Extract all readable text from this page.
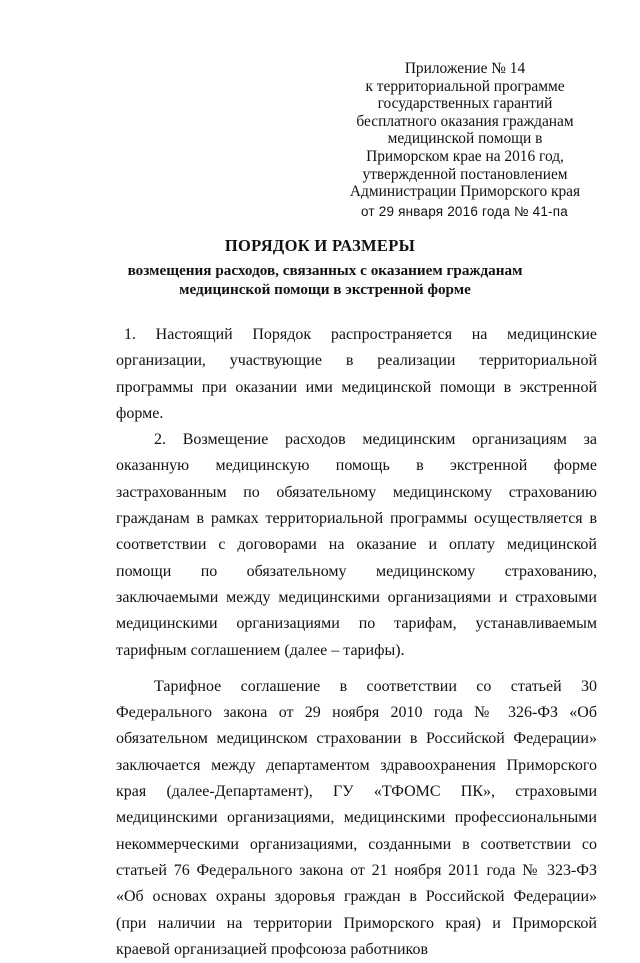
Приложение № 14
к территориальной программе
государственных гарантий
бесплатного оказания гражданам
медицинской помощи в
Приморском крае на 2016 год,
утвержденной постановлением
Администрации Приморского края
от 29 января 2016 года № 41-па
ПОРЯДОК И РАЗМЕРЫ
возмещения расходов, связанных с оказанием гражданам медицинской помощи в экстренной форме

1. Настоящий Порядок распространяется на медицинские организации, участвующие в реализации территориальной программы при оказании ими медицинской помощи в экстренной форме.

2. Возмещение расходов медицинским организациям за оказанную медицинскую помощь в экстренной форме застрахованным по обязательному медицинскому страхованию гражданам в рамках территориальной программы осуществляется в соответствии с договорами на оказание и оплату медицинской помощи по обязательному медицинскому страхованию, заключаемыми между медицинскими организациями и страховыми медицинскими организациями по тарифам, устанавливаемым тарифным соглашением (далее – тарифы).

Тарифное соглашение в соответствии со статьей 30 Федерального закона от 29 ноября 2010 года № 326-ФЗ «Об обязательном медицинском страховании в Российской Федерации» заключается между департаментом здравоохранения Приморского края (далее-Департамент), ГУ «ТФОМС ПК», страховыми медицинскими организациями, медицинскими профессиональными некоммерческими организациями, созданными в соответствии со статьей 76 Федерального закона от 21 ноября 2011 года № 323-ФЗ «Об основах охраны здоровья граждан в Российской Федерации» (при наличии на территории Приморского края) и Приморской краевой организацией профсоюза работников
